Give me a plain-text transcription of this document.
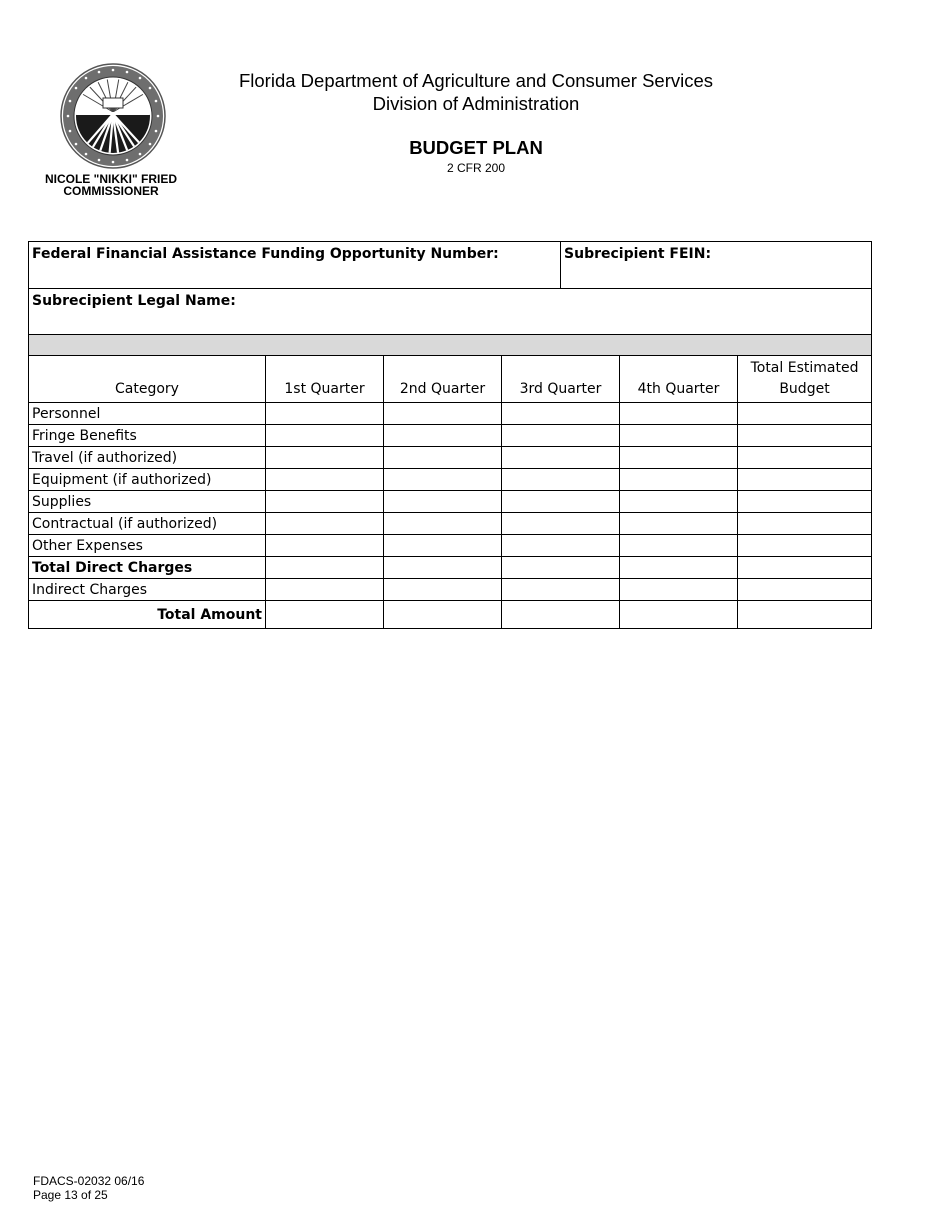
NICOLE "NIKKI" FRIED
COMMISSIONER
Florida Department of Agriculture and Consumer Services
Division of Administration
BUDGET PLAN
2 CFR 200
Federal Financial Assistance Funding Opportunity Number:				Subrecipient FEIN:		
Subrecipient Legal Name:						

Category	1st Quarter	2nd Quarter	3rd Quarter		4th Quarter	Total Estimated Budget
Personnel						
Fringe Benefits						
Travel (if authorized)						
Equipment (if authorized)						
Supplies						
Contractual (if authorized)						
Other Expenses						
Total Direct Charges						
Indirect Charges						
Total Amount						
FDACS-02032 06/16
Page 13 of 25
